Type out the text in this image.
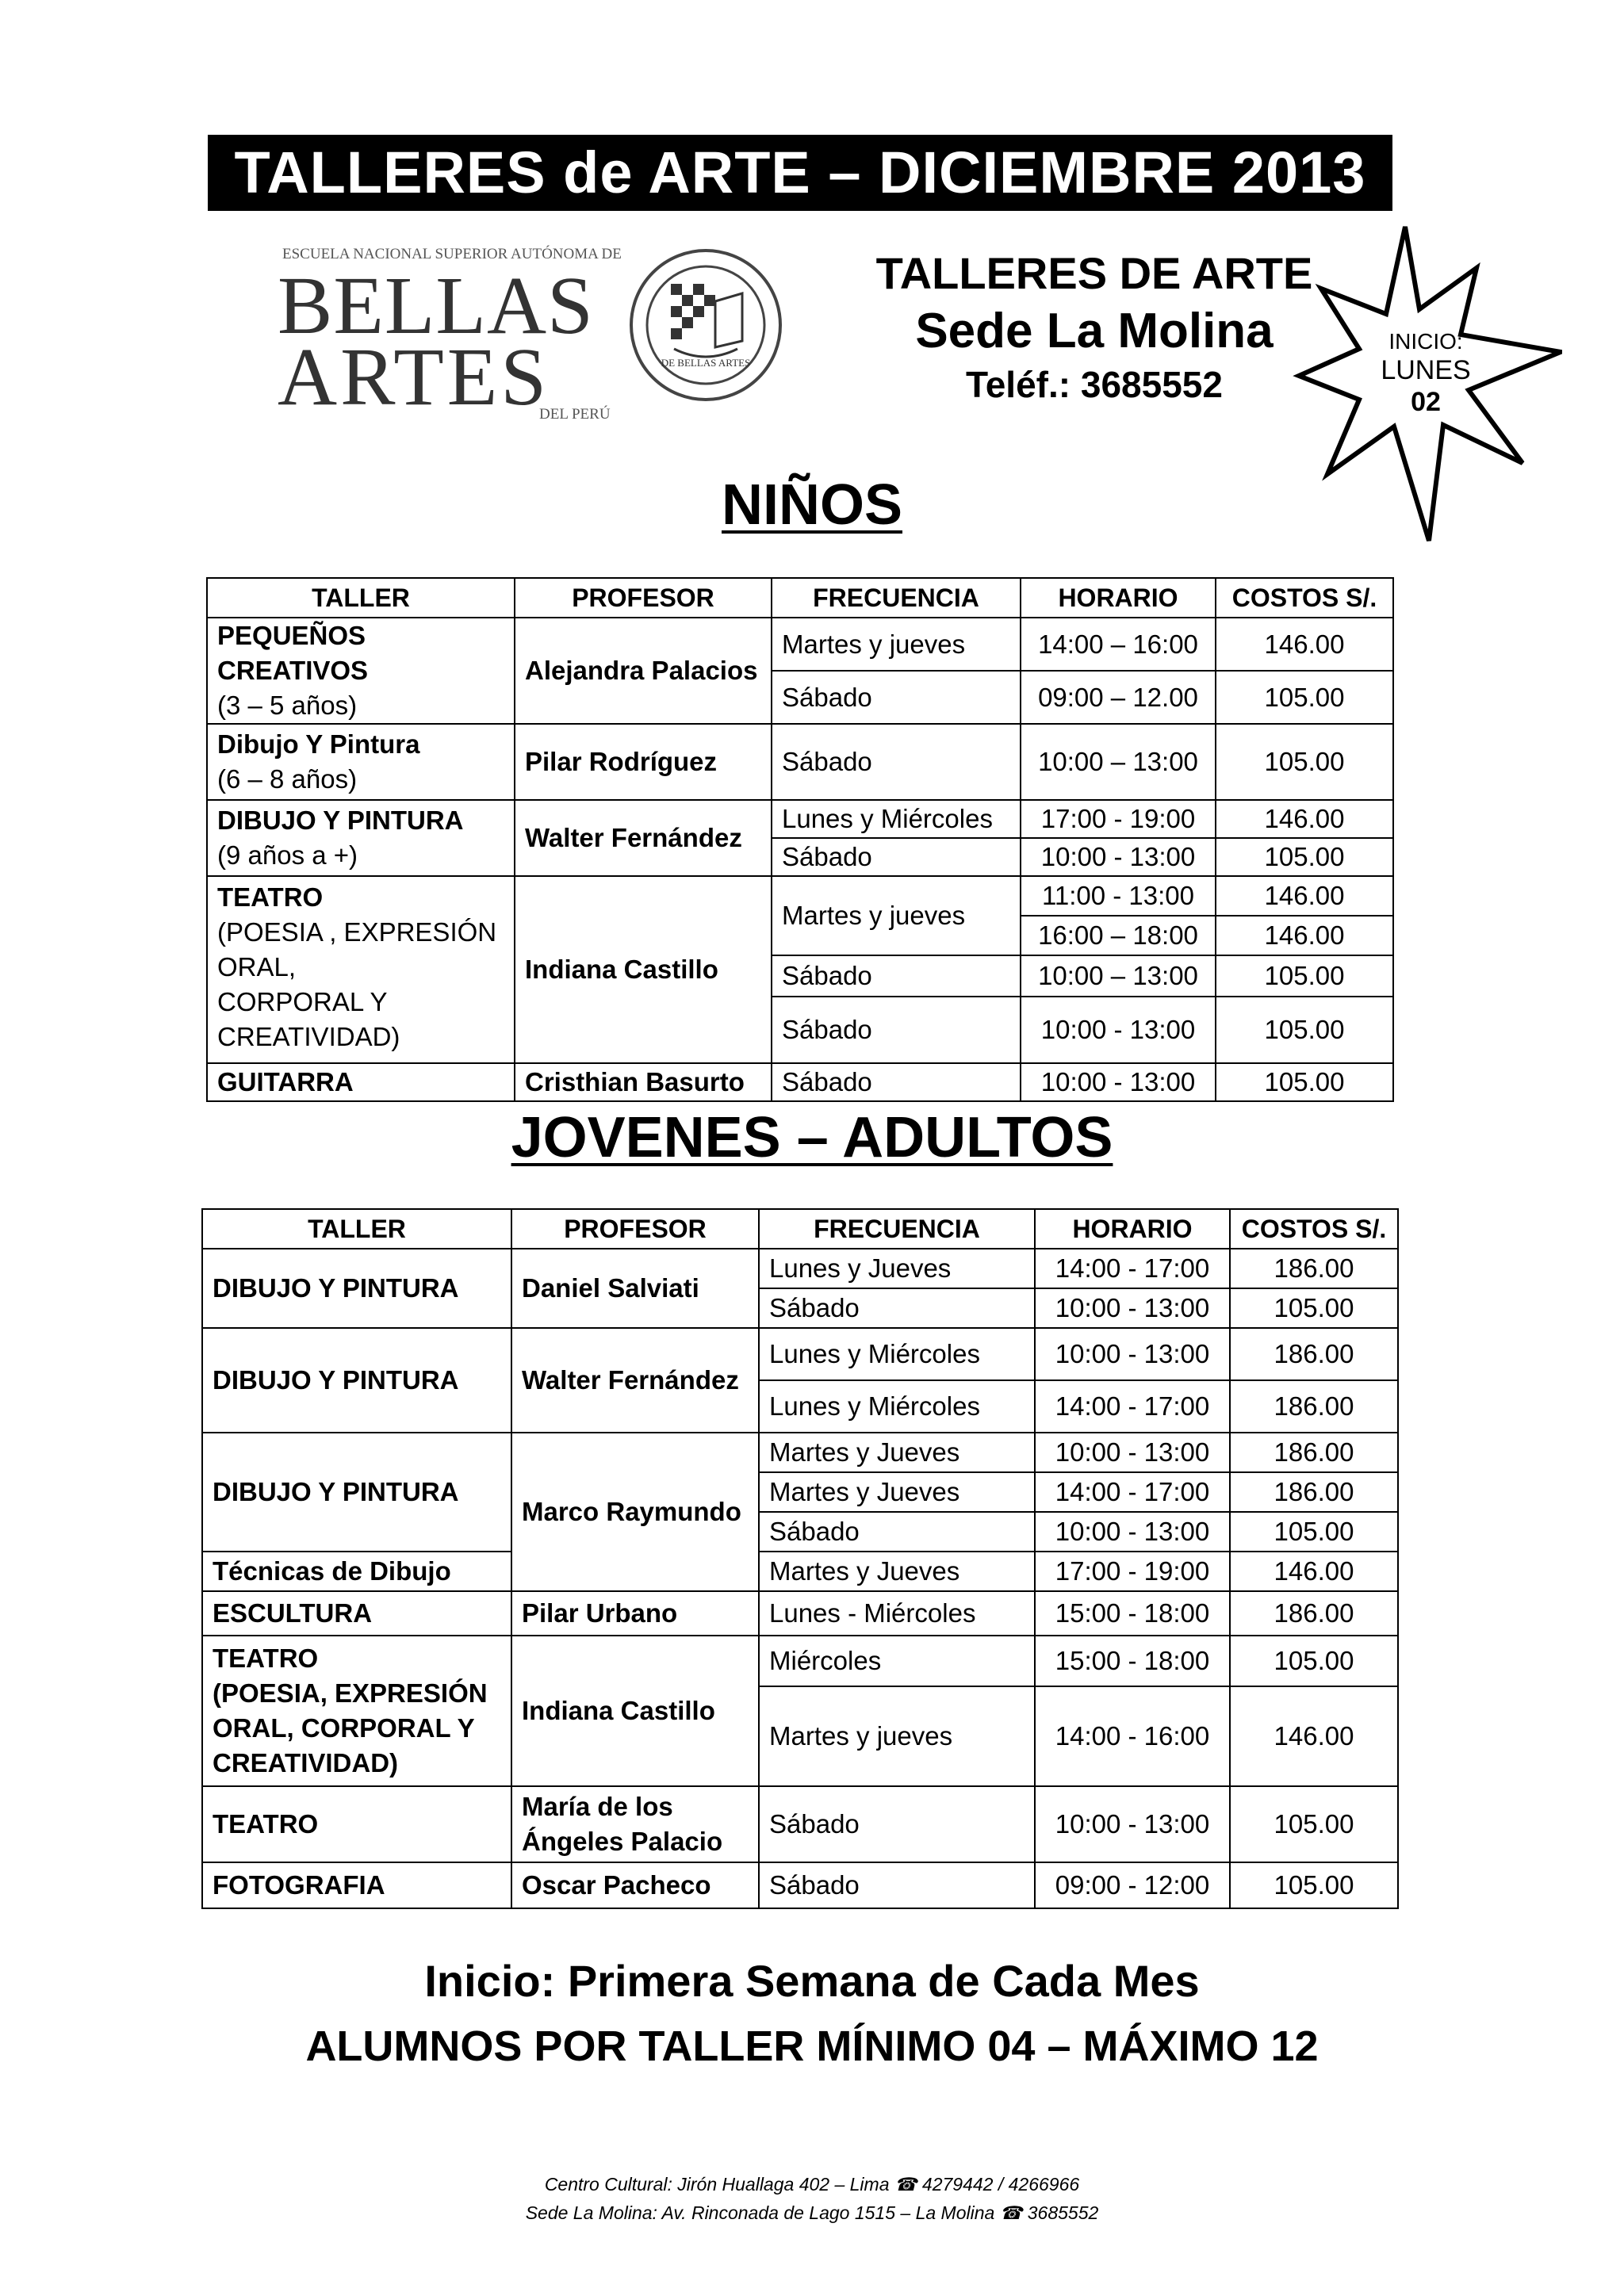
TALLERES de ARTE – DICIEMBRE 2013
ESCUELA NACIONAL SUPERIOR AUTÓNOMA DE
BELLAS
ARTES
DEL PERÚ
DE BELLAS ARTES
TALLERES DE ARTE
Sede La Molina
Teléf.: 3685552
INICIO:
LUNES
02
NIÑOS
TALLER	PROFESOR	FRECUENCIA	HORARIO	COSTOS S/.
PEQUEÑOS CREATIVOS
(3 – 5 años)	Alejandra Palacios	Martes y jueves	14:00 – 16:00	146.00
		Sábado	09:00 – 12.00	105.00
Dibujo Y Pintura
(6 – 8 años)	Pilar Rodríguez	Sábado	10:00 – 13:00	105.00
DIBUJO Y PINTURA
(9 años a +)	Walter Fernández	Lunes y Miércoles	17:00 - 19:00	146.00
		Sábado	10:00 - 13:00	105.00
TEATRO
(POESIA , EXPRESIÓN
ORAL,
CORPORAL Y
CREATIVIDAD)	Indiana Castillo	Martes y jueves	11:00 - 13:00	146.00
			16:00 – 18:00	146.00
		Sábado	10:00 – 13:00	105.00
		Sábado	10:00 - 13:00	105.00
GUITARRA	Cristhian Basurto	Sábado	10:00 - 13:00	105.00
JOVENES – ADULTOS
TALLER	PROFESOR	FRECUENCIA	HORARIO	COSTOS S/.
DIBUJO Y PINTURA	Daniel Salviati	Lunes y Jueves	14:00 - 17:00	186.00
		Sábado	10:00 - 13:00	105.00
DIBUJO Y PINTURA	Walter Fernández	Lunes y Miércoles	10:00 - 13:00	186.00
		Lunes y Miércoles	14:00 - 17:00	186.00
DIBUJO Y PINTURA	Marco Raymundo	Martes y Jueves	10:00 - 13:00	186.00
		Martes y Jueves	14:00 - 17:00	186.00
		Sábado	10:00 - 13:00	105.00
Técnicas de Dibujo		Martes y Jueves	17:00 - 19:00	146.00
ESCULTURA	Pilar Urbano	Lunes - Miércoles	15:00 - 18:00	186.00
TEATRO
(POESIA, EXPRESIÓN
ORAL, CORPORAL Y
CREATIVIDAD)	Indiana Castillo	Miércoles	15:00 - 18:00	105.00
		Martes y jueves	14:00 - 16:00	146.00
TEATRO	María de los
Ángeles Palacio	Sábado	10:00 - 13:00	105.00
FOTOGRAFIA	Oscar Pacheco	Sábado	09:00 - 12:00	105.00
Inicio: Primera Semana de Cada Mes
ALUMNOS POR TALLER MÍNIMO 04 – MÁXIMO 12
Centro Cultural: Jirón Huallaga 402 – Lima ☎ 4279442 / 4266966
Sede La Molina: Av. Rinconada de Lago 1515 – La Molina ☎ 3685552
